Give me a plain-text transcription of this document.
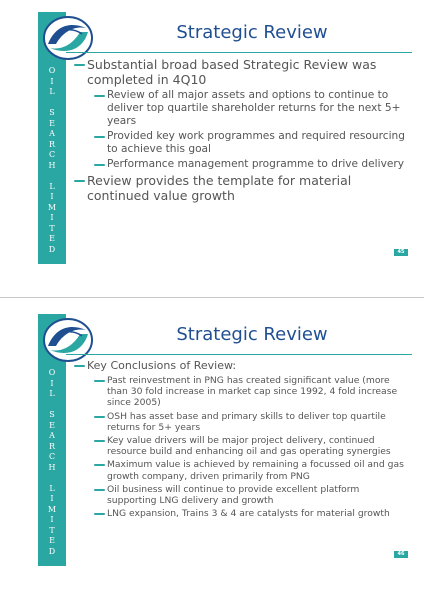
O
I
L
S
E
A
R
C
H
L
I
M
I
T
E
D
Strategic Review
Substantial broad based Strategic Review was completed in 4Q10
Review of all major assets and options to continue to deliver top quartile shareholder returns for the next 5+ years
Provided key work programmes and required resourcing to achieve this goal
Performance management programme to drive delivery
Review provides the template for material continued value growth
45
O
I
L
S
E
A
R
C
H
L
I
M
I
T
E
D
Strategic Review
Key Conclusions of Review:
Past reinvestment in PNG has created significant value (more than 30 fold increase in market cap since 1992, 4 fold increase since 2005)
OSH has asset base and primary skills to deliver top quartile returns for 5+ years
Key value drivers will be major project delivery, continued resource build and enhancing oil and gas operating synergies
Maximum value is achieved by remaining a focussed oil and gas growth company, driven primarily from PNG
Oil business will continue to provide excellent platform supporting LNG delivery and growth
LNG expansion, Trains 3 & 4 are catalysts for material growth
46
